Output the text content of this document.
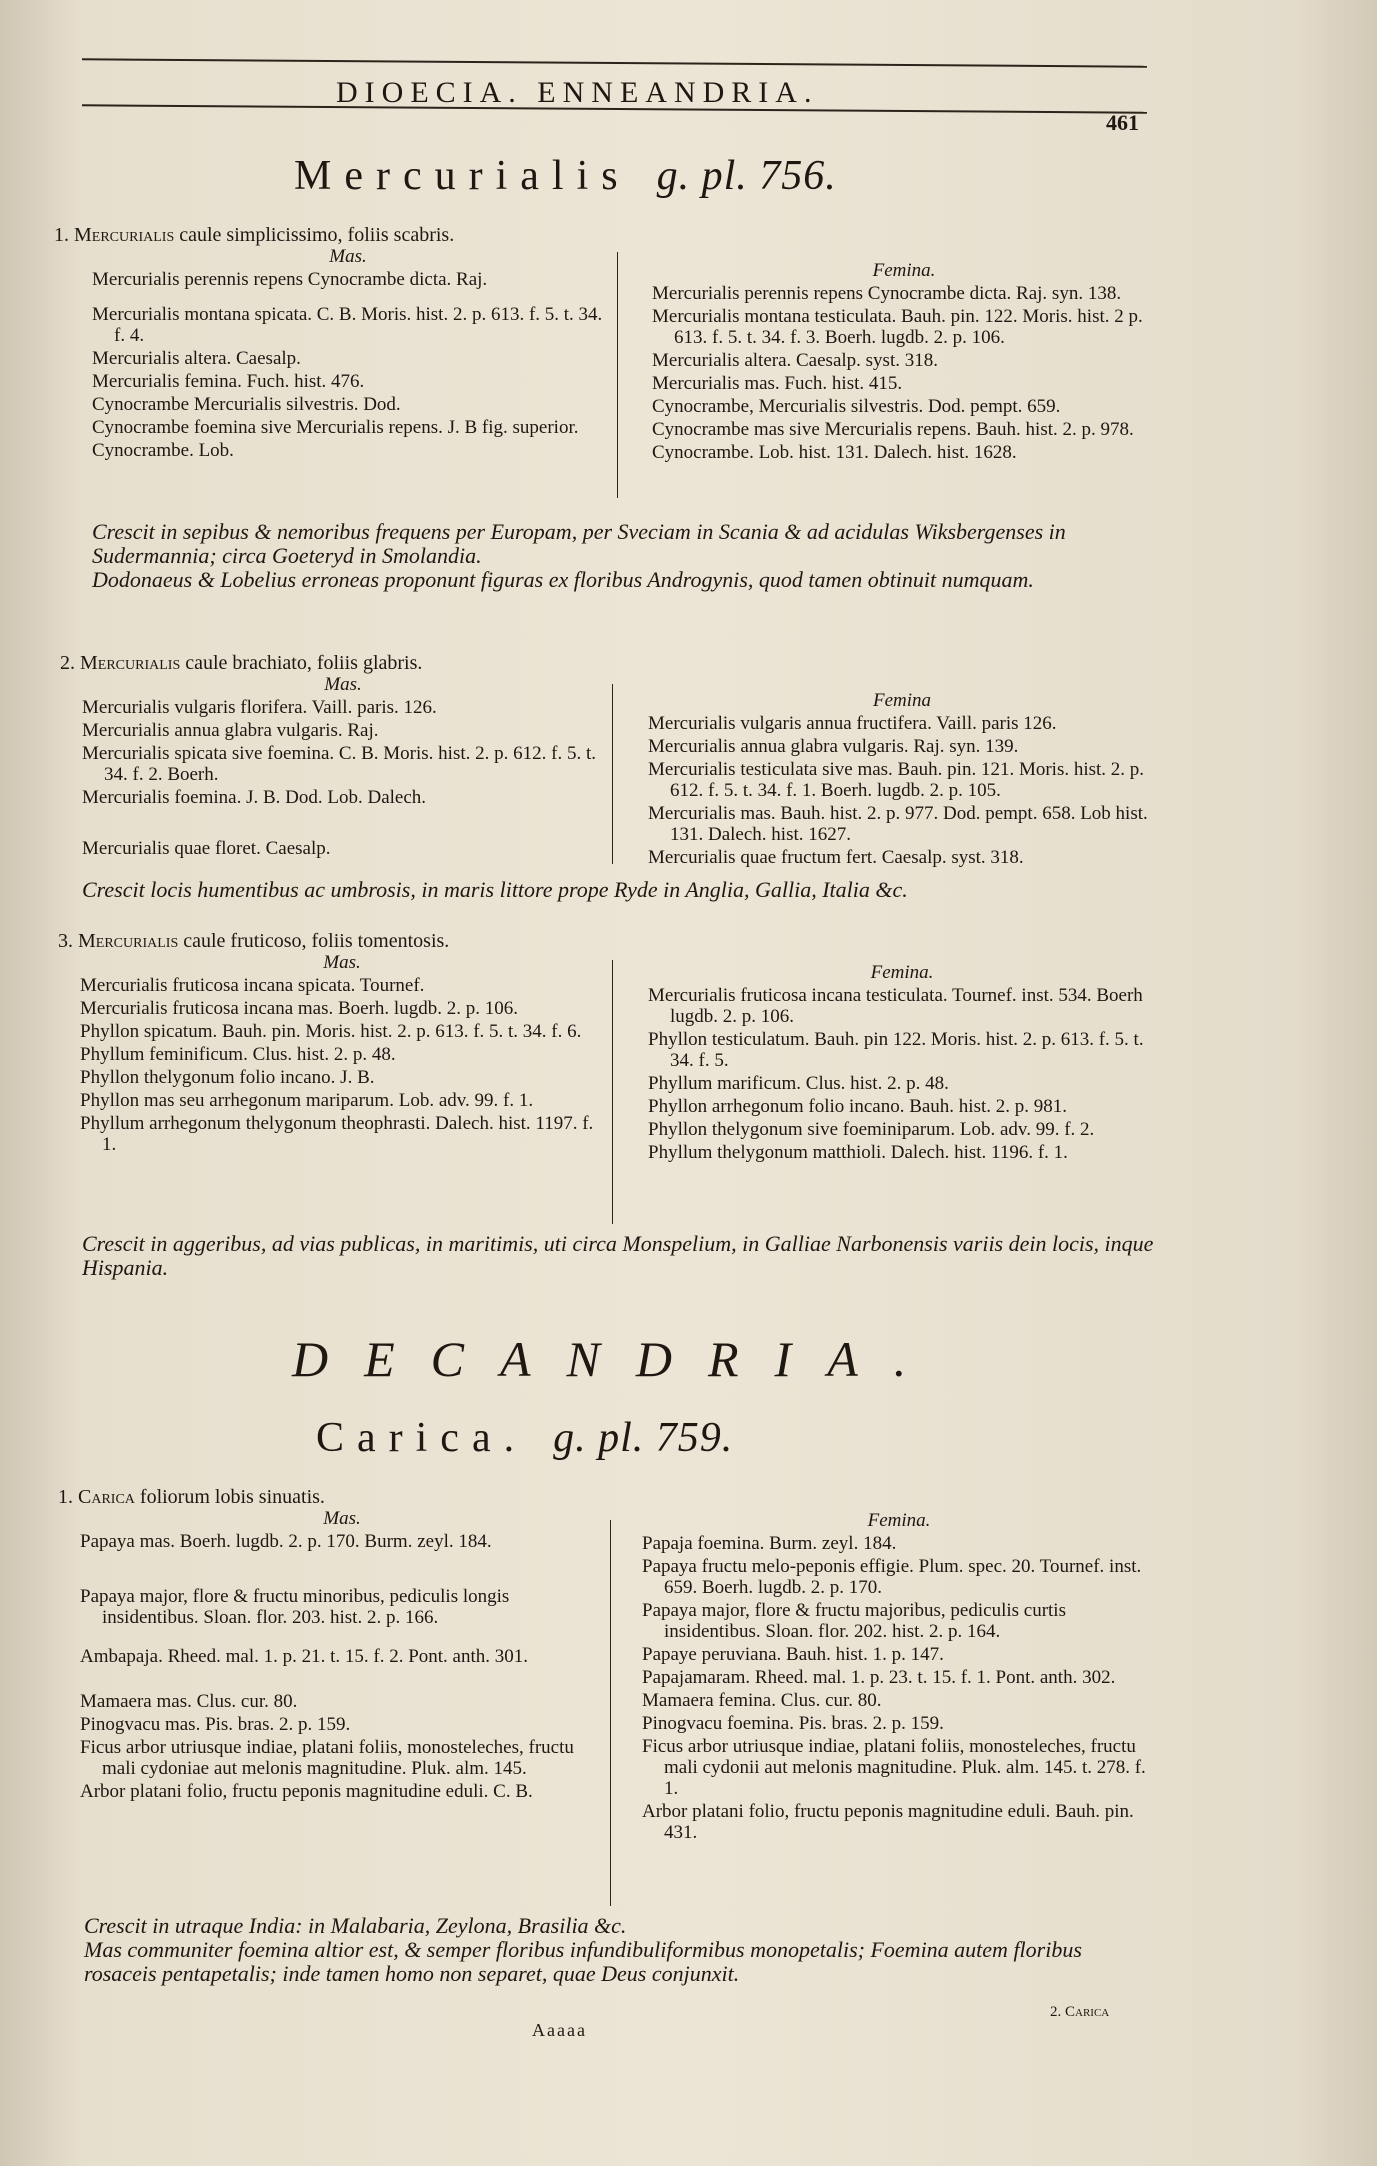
DIOECIA. ENNEANDRIA.
461
Mercurialis g. pl. 756.
1. Mercurialis caule simplicissimo, foliis scabris.
Mas.
Mercurialis perennis repens Cynocrambe dicta. Raj.
Mercurialis montana spicata. C. B. Moris. hist. 2. p. 613. f. 5. t. 34. f. 4.
Mercurialis altera. Caesalp.
Mercurialis femina. Fuch. hist. 476.
Cynocrambe Mercurialis silvestris. Dod.
Cynocrambe foemina sive Mercurialis repens. J. B fig. superior.
Cynocrambe. Lob.
Femina.
Mercurialis perennis repens Cynocrambe dicta. Raj. syn. 138.
Mercurialis montana testiculata. Bauh. pin. 122. Moris. hist. 2 p. 613. f. 5. t. 34. f. 3. Boerh. lugdb. 2. p. 106.
Mercurialis altera. Caesalp. syst. 318.
Mercurialis mas. Fuch. hist. 415.
Cynocrambe, Mercurialis silvestris. Dod. pempt. 659.
Cynocrambe mas sive Mercurialis repens. Bauh. hist. 2. p. 978.
Cynocrambe. Lob. hist. 131. Dalech. hist. 1628.
Crescit in sepibus & nemoribus frequens per Europam, per Sveciam in Scania & ad acidulas Wiksbergenses in Sudermannia; circa Goeteryd in Smolandia.
Dodonaeus & Lobelius erroneas proponunt figuras ex floribus Androgynis, quod tamen obtinuit numquam.
2. Mercurialis caule brachiato, foliis glabris.
Mas.
Mercurialis vulgaris florifera. Vaill. paris. 126.
Mercurialis annua glabra vulgaris. Raj.
Mercurialis spicata sive foemina. C. B. Moris. hist. 2. p. 612. f. 5. t. 34. f. 2. Boerh.
Mercurialis foemina. J. B. Dod. Lob. Dalech.
Mercurialis quae floret. Caesalp.
Femina
Mercurialis vulgaris annua fructifera. Vaill. paris 126.
Mercurialis annua glabra vulgaris. Raj. syn. 139.
Mercurialis testiculata sive mas. Bauh. pin. 121. Moris. hist. 2. p. 612. f. 5. t. 34. f. 1. Boerh. lugdb. 2. p. 105.
Mercurialis mas. Bauh. hist. 2. p. 977. Dod. pempt. 658. Lob hist. 131. Dalech. hist. 1627.
Mercurialis quae fructum fert. Caesalp. syst. 318.
Crescit locis humentibus ac umbrosis, in maris littore prope Ryde in Anglia, Gallia, Italia &c.
3. Mercurialis caule fruticoso, foliis tomentosis.
Mas.
Mercurialis fruticosa incana spicata. Tournef.
Mercurialis fruticosa incana mas. Boerh. lugdb. 2. p. 106.
Phyllon spicatum. Bauh. pin. Moris. hist. 2. p. 613. f. 5. t. 34. f. 6.
Phyllum feminificum. Clus. hist. 2. p. 48.
Phyllon thelygonum folio incano. J. B.
Phyllon mas seu arrhegonum mariparum. Lob. adv. 99. f. 1.
Phyllum arrhegonum thelygonum theophrasti. Dalech. hist. 1197. f. 1.
Femina.
Mercurialis fruticosa incana testiculata. Tournef. inst. 534. Boerh lugdb. 2. p. 106.
Phyllon testiculatum. Bauh. pin 122. Moris. hist. 2. p. 613. f. 5. t. 34. f. 5.
Phyllum marificum. Clus. hist. 2. p. 48.
Phyllon arrhegonum folio incano. Bauh. hist. 2. p. 981.
Phyllon thelygonum sive foeminiparum. Lob. adv. 99. f. 2.
Phyllum thelygonum matthioli. Dalech. hist. 1196. f. 1.
Crescit in aggeribus, ad vias publicas, in maritimis, uti circa Monspelium, in Galliae Narbonensis variis dein locis, inque Hispania.
DECANDRIA.
Carica. g. pl. 759.
1. Carica foliorum lobis sinuatis.
Mas.
Papaya mas. Boerh. lugdb. 2. p. 170. Burm. zeyl. 184.
Papaya major, flore & fructu minoribus, pediculis longis insidentibus. Sloan. flor. 203. hist. 2. p. 166.
Ambapaja. Rheed. mal. 1. p. 21. t. 15. f. 2. Pont. anth. 301.
Mamaera mas. Clus. cur. 80.
Pinogvacu mas. Pis. bras. 2. p. 159.
Ficus arbor utriusque indiae, platani foliis, monosteleches, fructu mali cydoniae aut melonis magnitudine. Pluk. alm. 145.
Arbor platani folio, fructu peponis magnitudine eduli. C. B.
Femina.
Papaja foemina. Burm. zeyl. 184.
Papaya fructu melo-peponis effigie. Plum. spec. 20. Tournef. inst. 659. Boerh. lugdb. 2. p. 170.
Papaya major, flore & fructu majoribus, pediculis curtis insidentibus. Sloan. flor. 202. hist. 2. p. 164.
Papaye peruviana. Bauh. hist. 1. p. 147.
Papajamaram. Rheed. mal. 1. p. 23. t. 15. f. 1. Pont. anth. 302.
Mamaera femina. Clus. cur. 80.
Pinogvacu foemina. Pis. bras. 2. p. 159.
Ficus arbor utriusque indiae, platani foliis, monosteleches, fructu mali cydonii aut melonis magnitudine. Pluk. alm. 145. t. 278. f. 1.
Arbor platani folio, fructu peponis magnitudine eduli. Bauh. pin. 431.
Crescit in utraque India: in Malabaria, Zeylona, Brasilia &c.
Mas communiter foemina altior est, & semper floribus infundibuliformibus monopetalis; Foemina autem floribus rosaceis pentapetalis; inde tamen homo non separet, quae Deus conjunxit.
Aaaaa
2. Carica
